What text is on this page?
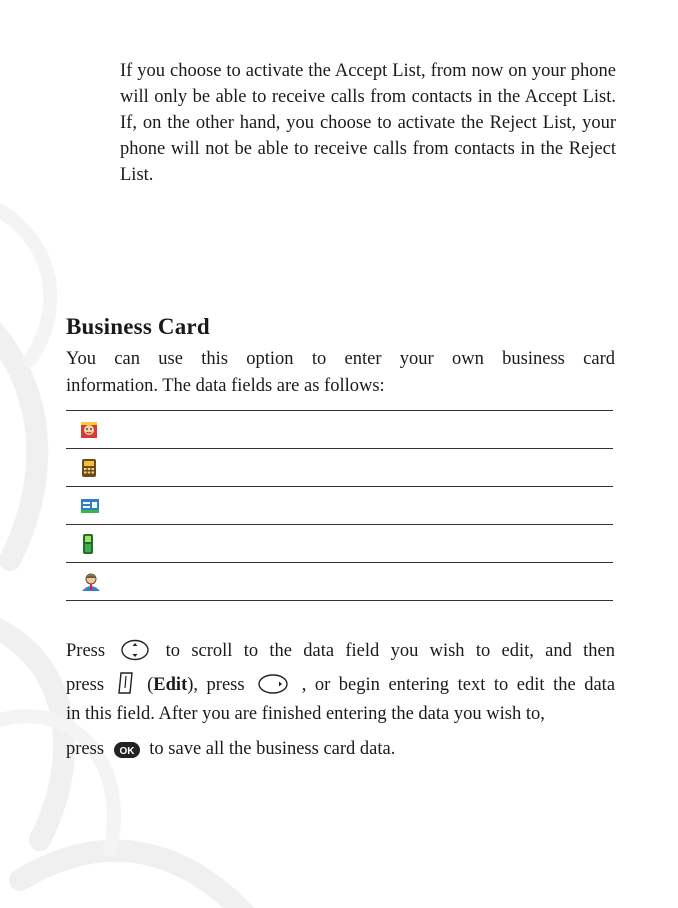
If you choose to activate the Accept List, from now on your phone will only be able to receive calls from contacts in the Accept List. If, on the other hand, you choose to activate the Reject List, your phone will not be able to receive calls from contacts in the Reject List.
Business Card
You can use this option to enter your own business card
information. The data fields are as follows:
Press	to scroll to the data field you wish to edit, and then
press (Edit), press	, or begin entering text to edit the data
in this field. After you are finished entering the data you wish to,
press OK to save all the business card data.
